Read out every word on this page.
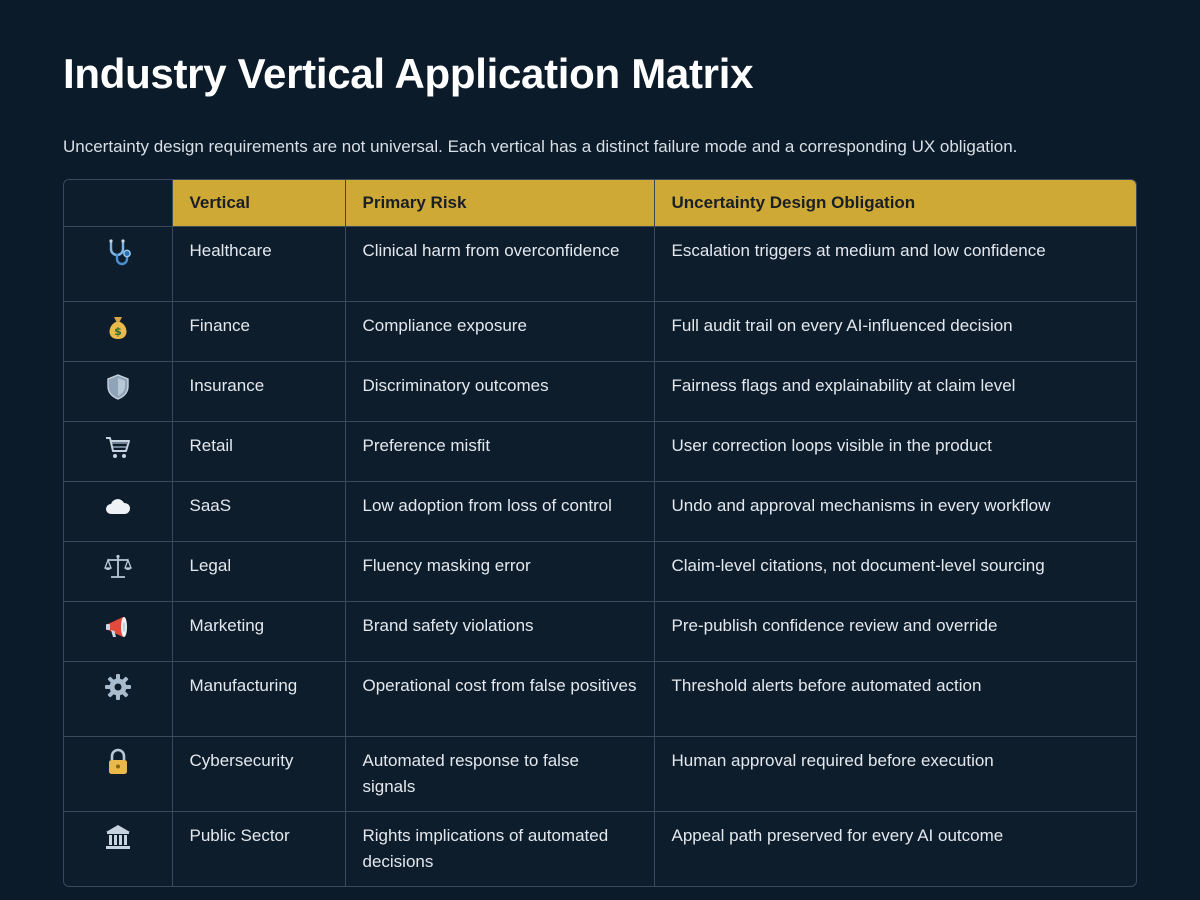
Industry Vertical Application Matrix
Uncertainty design requirements are not universal. Each vertical has a distinct failure mode and a corresponding UX obligation.
	Vertical	Primary Risk	Uncertainty Design Obligation

	Healthcare	Clinical harm from overconfidence	Escalation triggers at medium and low confidence

$	Finance	Compliance exposure	Full audit trail on every AI-influenced decision

	Insurance	Discriminatory outcomes	Fairness flags and explainability at claim level

	Retail	Preference misfit	User correction loops visible in the product

	SaaS	Low adoption from loss of control	Undo and approval mechanisms in every workflow

	Legal	Fluency masking error	Claim-level citations, not document-level sourcing

	Marketing	Brand safety violations	Pre-publish confidence review and override

	Manufacturing	Operational cost from false positives	Threshold alerts before automated action

	Cybersecurity	Automated response to false signals	Human approval required before execution

	Public Sector	Rights implications of automated decisions	Appeal path preserved for every AI outcome
